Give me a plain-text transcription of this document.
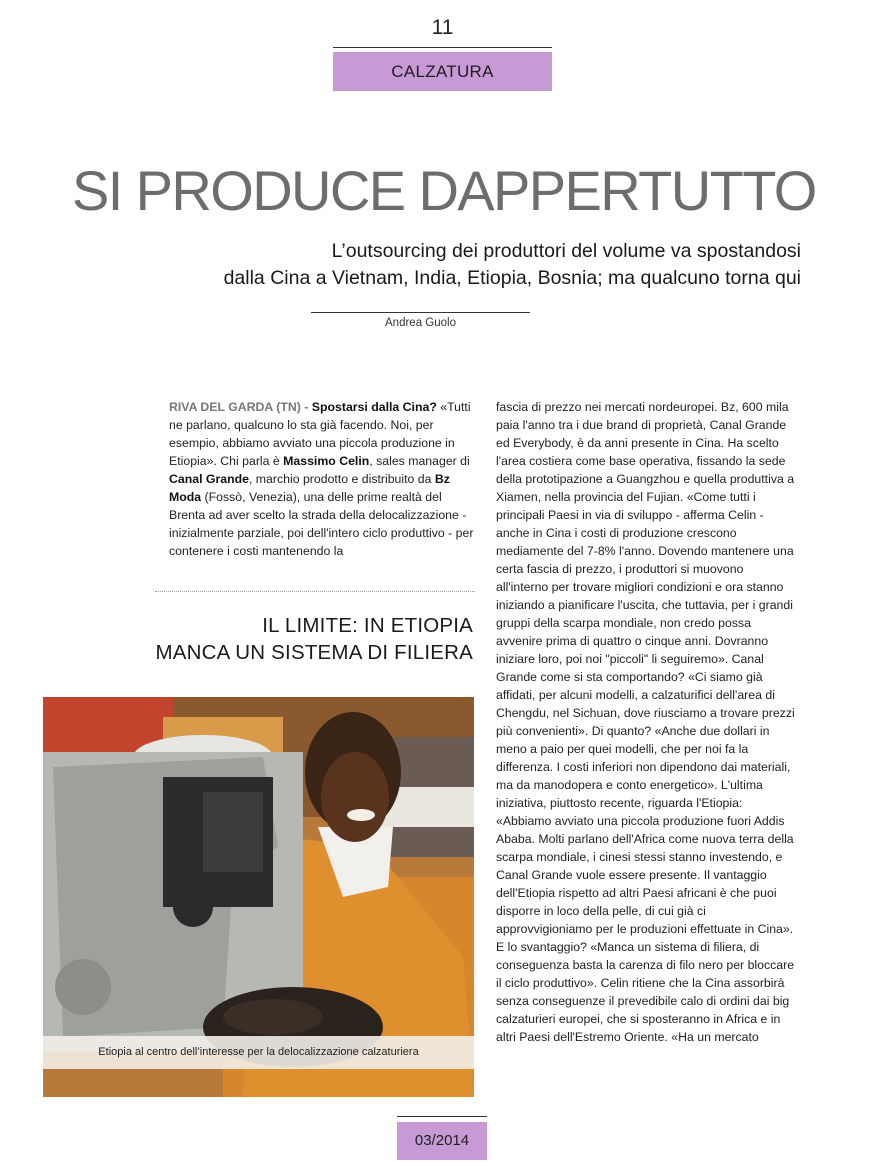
11
CALZATURA
SI PRODUCE DAPPERTUTTO
L’outsourcing dei produttori del volume va spostandosi
dalla Cina a Vietnam, India, Etiopia, Bosnia; ma qualcuno torna qui
Andrea Guolo

RIVA DEL GARDA (TN) - Spostarsi dalla Cina? «Tutti ne parlano, qualcuno lo sta già facendo. Noi, per esempio, abbiamo avviato una piccola produzione in Etiopia». Chi parla è Massimo Celin, sales manager di Canal Grande, marchio prodotto e distribuito da Bz Moda (Fossò, Venezia), una delle prime realtà del Brenta ad aver scelto la strada della delocalizzazione - inizialmente parziale, poi dell'intero ciclo produttivo - per contenere i costi mantenendo la

IL LIMITE: IN ETIOPIA
MANCA UN SISTEMA DI FILIERA
Etiopia al centro dell’interesse per la delocalizzazione calzaturiera

fascia di prezzo nei mercati nordeuropei. Bz, 600 mila paia l'anno tra i due brand di proprietà, Canal Grande ed Everybody, è da anni presente in Cina. Ha scelto l'area costiera come base operativa, fissando la sede della prototipazione a Guangzhou e quella produttiva a Xiamen, nella provincia del Fujian. «Come tutti i principali Paesi in via di sviluppo - afferma Celin - anche in Cina i costi di produzione crescono mediamente del 7-8% l'anno. Dovendo mantenere una certa fascia di prezzo, i produttori si muovono all'interno per trovare migliori condizioni e ora stanno iniziando a pianificare l'uscita, che tuttavia, per i grandi gruppi della scarpa mondiale, non credo possa avvenire prima di quattro o cinque anni. Dovranno iniziare loro, poi noi "piccoli" li seguiremo». Canal Grande come si sta comportando? «Ci siamo già affidati, per alcuni modelli, a calzaturifici dell'area di Chengdu, nel Sichuan, dove riusciamo a trovare prezzi più convenienti». Di quanto? «Anche due dollari in meno a paio per quei modelli, che per noi fa la differenza. I costi inferiori non dipendono dai materiali, ma da manodopera e conto energetico». L'ultima iniziativa, piuttosto recente, riguarda l'Etiopia: «Abbiamo avviato una piccola produzione fuori Addis Ababa. Molti parlano dell'Africa come nuova terra della scarpa mondiale, i cinesi stessi stanno investendo, e Canal Grande vuole essere presente. Il vantaggio dell'Etiopia rispetto ad altri Paesi africani è che puoi disporre in loco della pelle, di cui già ci approvvigioniamo per le produzioni effettuate in Cina». E lo svantaggio? «Manca un sistema di filiera, di conseguenza basta la carenza di filo nero per bloccare il ciclo produttivo». Celin ritiene che la Cina assorbirà senza conseguenze il prevedibile calo di ordini dai big calzaturieri europei, che si sposteranno in Africa e in altri Paesi dell'Estremo Oriente. «Ha un mercato

03/2014
